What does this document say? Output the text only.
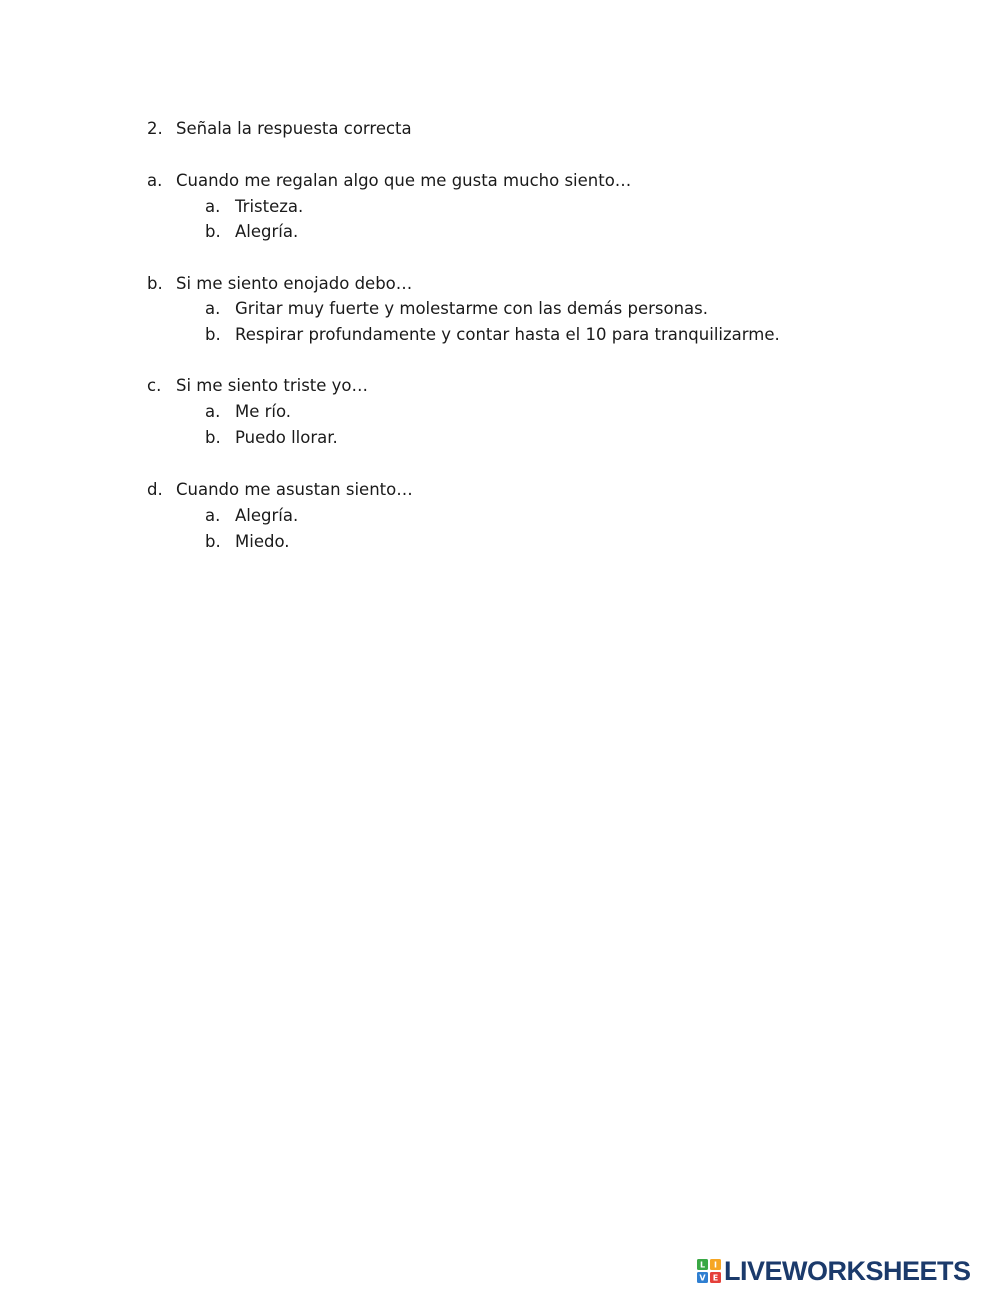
2. Señala la respuesta correcta
a. Cuando me regalan algo que me gusta mucho siento…
a. Tristeza.
b. Alegría.
b. Si me siento enojado debo…
a. Gritar muy fuerte y molestarme con las demás personas.
b. Respirar profundamente y contar hasta el 10 para tranquilizarme.
c. Si me siento triste yo…
a. Me río.
b. Puedo llorar.
d. Cuando me asustan siento…
a. Alegría.
b. Miedo.
L I
V E LIVEWORKSHEETS
